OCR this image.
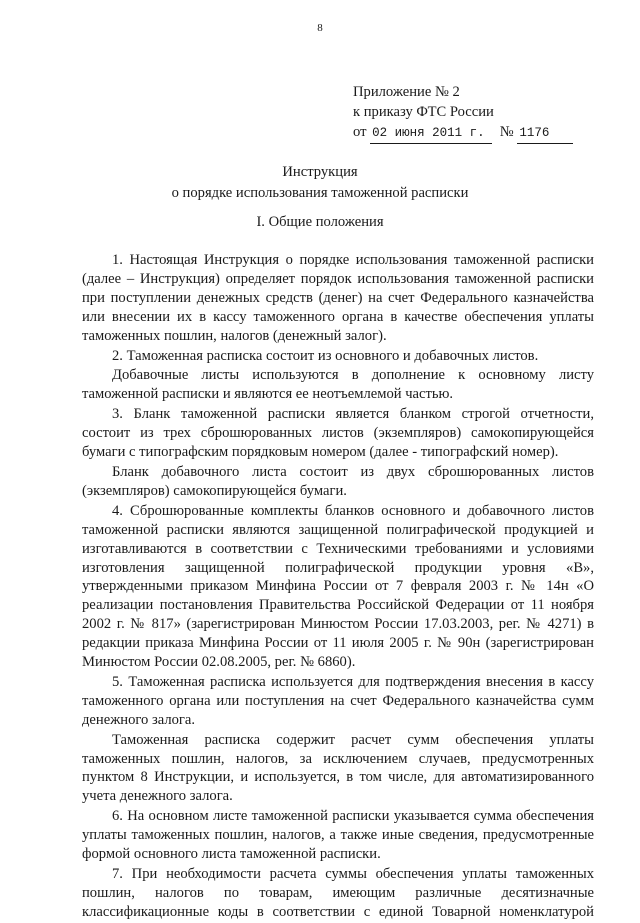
8
Приложение № 2
к приказу ФТС России
от 02 июня 2011 г. № 1176
Инструкция
о порядке использования таможенной расписки
I. Общие положения

1. Настоящая Инструкция о порядке использования таможенной расписки (далее – Инструкция) определяет порядок использования таможенной расписки при поступлении денежных средств (денег) на счет Федерального казначейства или внесении их в кассу таможенного органа в качестве обеспечения уплаты таможенных пошлин, налогов (денежный залог).

2. Таможенная расписка состоит из основного и добавочных листов.

Добавочные листы используются в дополнение к основному листу таможенной расписки и являются ее неотъемлемой частью.

3. Бланк таможенной расписки является бланком строгой отчетности, состоит из трех сброшюрованных листов (экземпляров) самокопирующейся бумаги с типографским порядковым номером (далее - типографский номер).

Бланк добавочного листа состоит из двух сброшюрованных листов (экземпляров) самокопирующейся бумаги.

4. Сброшюрованные комплекты бланков основного и добавочного листов таможенной расписки являются защищенной полиграфической продукцией и изготавливаются в соответствии с Техническими требованиями и условиями изготовления защищенной полиграфической продукции уровня «В», утвержденными приказом Минфина России от 7 февраля 2003 г. № 14н «О реализации постановления Правительства Российской Федерации от 11 ноября 2002 г. № 817» (зарегистрирован Минюстом России 17.03.2003, рег. № 4271) в редакции приказа Минфина России от 11 июля 2005 г. № 90н (зарегистрирован Минюстом России 02.08.2005, рег. № 6860).

5. Таможенная расписка используется для подтверждения внесения в кассу таможенного органа или поступления на счет Федерального казначейства сумм денежного залога.

Таможенная расписка содержит расчет сумм обеспечения уплаты таможенных пошлин, налогов, за исключением случаев, предусмотренных пунктом 8 Инструкции, и используется, в том числе, для автоматизированного учета денежного залога.

6. На основном листе таможенной расписки указывается сумма обеспечения уплаты таможенных пошлин, налогов, а также иные сведения, предусмотренные формой основного листа таможенной расписки.

7. При необходимости расчета суммы обеспечения уплаты таможенных пошлин, налогов по товарам, имеющим различные десятизначные классификационные коды в соответствии с единой Товарной номенклатурой
